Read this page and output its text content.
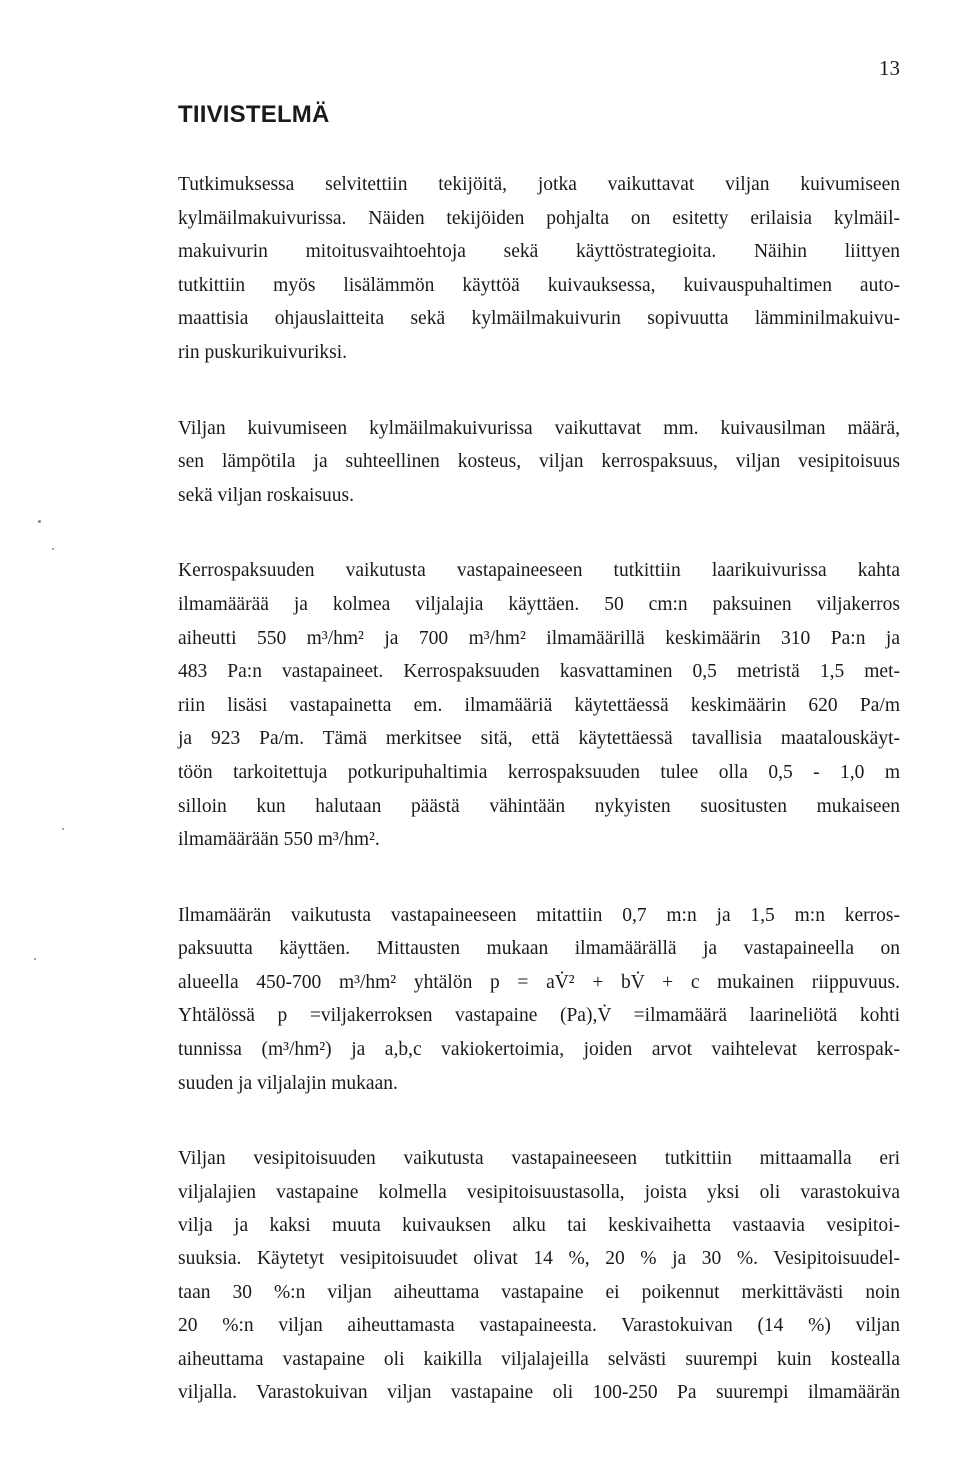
13
TIIVISTELMÄ

Tutkimuksessa selvitettiin tekijöitä, jotka vaikuttavat viljan kuivumiseen
kylmäilmakuivurissa. Näiden tekijöiden pohjalta on esitetty erilaisia kylmäil-
makuivurin mitoitusvaihtoehtoja sekä käyttöstrategioita. Näihin liittyen
tutkittiin myös lisälämmön käyttöä kuivauksessa, kuivauspuhaltimen auto-
maattisia ohjauslaitteita sekä kylmäilmakuivurin sopivuutta lämminilmakuivu-
rin puskurikuivuriksi.

Viljan kuivumiseen kylmäilmakuivurissa vaikuttavat mm. kuivausilman määrä,
sen lämpötila ja suhteellinen kosteus, viljan kerrospaksuus, viljan vesipitoisuus
sekä viljan roskaisuus.

Kerrospaksuuden vaikutusta vastapaineeseen tutkittiin laarikuivurissa kahta
ilmamäärää ja kolmea viljalajia käyttäen. 50 cm:n paksuinen viljakerros
aiheutti 550 m³/hm² ja 700 m³/hm² ilmamäärillä keskimäärin 310 Pa:n ja
483 Pa:n vastapaineet. Kerrospaksuuden kasvattaminen 0,5 metristä 1,5 met-
riin lisäsi vastapainetta em. ilmamääriä käytettäessä keskimäärin 620 Pa/m
ja 923 Pa/m. Tämä merkitsee sitä, että käytettäessä tavallisia maatalouskäyt-
töön tarkoitettuja potkuripuhaltimia kerrospaksuuden tulee olla 0,5 - 1,0 m
silloin kun halutaan päästä vähintään nykyisten suositusten mukaiseen
ilmamäärään 550 m³/hm².

Ilmamäärän vaikutusta vastapaineeseen mitattiin 0,7 m:n ja 1,5 m:n kerros-
paksuutta käyttäen. Mittausten mukaan ilmamäärällä ja vastapaineella on
alueella 450-700 m³/hm² yhtälön p = aV̇² + bV̇ + c mukainen riippuvuus.
Yhtälössä p =viljakerroksen vastapaine (Pa),V̇ =ilmamäärä laarineliötä kohti
tunnissa (m³/hm²) ja a,b,c vakiokertoimia, joiden arvot vaihtelevat kerrospak-
suuden ja viljalajin mukaan.

Viljan vesipitoisuuden vaikutusta vastapaineeseen tutkittiin mittaamalla eri
viljalajien vastapaine kolmella vesipitoisuustasolla, joista yksi oli varastokuiva
vilja ja kaksi muuta kuivauksen alku tai keskivaihetta vastaavia vesipitoi-
suuksia. Käytetyt vesipitoisuudet olivat 14 %, 20 % ja 30 %. Vesipitoisuudel-
taan 30 %:n viljan aiheuttama vastapaine ei poikennut merkittävästi noin
20 %:n viljan aiheuttamasta vastapaineesta. Varastokuivan (14 %) viljan
aiheuttama vastapaine oli kaikilla viljalajeilla selvästi suurempi kuin kostealla
viljalla. Varastokuivan viljan vastapaine oli 100-250 Pa suurempi ilmamäärän
